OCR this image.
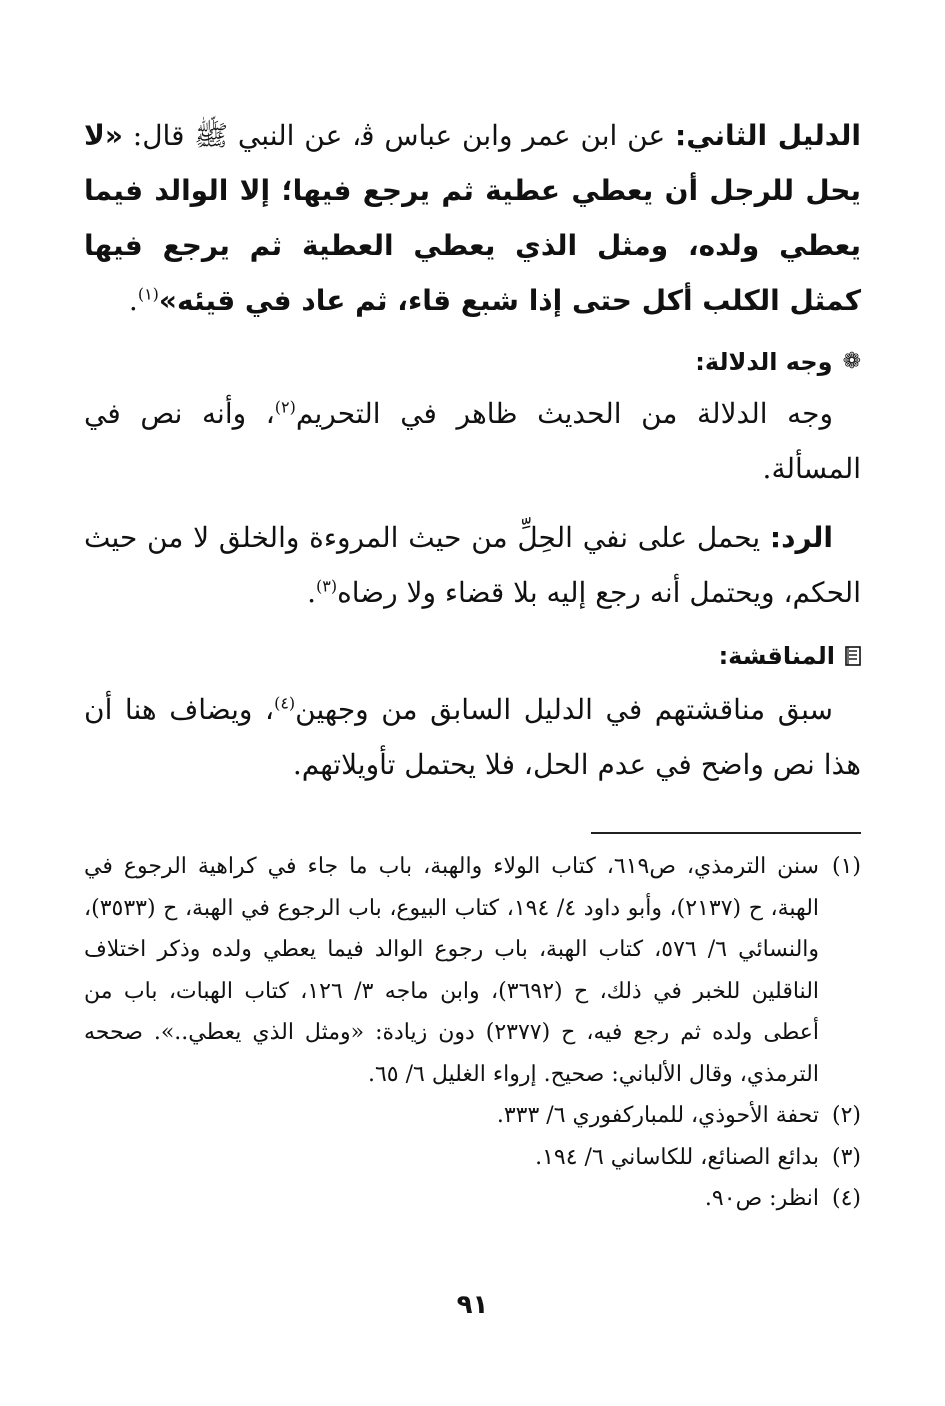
الدليل الثاني: عن ابن عمر وابن عباس ﭬ، عن النبي ﷺ قال: «لا يحل للرجل أن يعطي عطية ثم يرجع فيها؛ إلا الوالد فيما يعطي ولده، ومثل الذي يعطي العطية ثم يرجع فيها كمثل الكلب أكل حتى إذا شبع قاء، ثم عاد في قيئه»$^{(١)}$.

❁
وجه الدلالة:

وجه الدلالة من الحديث ظاهر في التحريم$^{(٢)}$، وأنه نص في المسألة.

الرد: يحمل على نفي الحِلِّ من حيث المروءة والخلق لا من حيث الحكم، ويحتمل أنه رجع إليه بلا قضاء ولا رضاه$^{(٣)}$.

المناقشة:

سبق مناقشتهم في الدليل السابق من وجهين$^{(٤)}$، ويضاف هنا أن هذا نص واضح في عدم الحل، فلا يحتمل تأويلاتهم.

(١)
سنن الترمذي، ص٦١٩، كتاب الولاء والهبة، باب ما جاء في كراهية الرجوع في الهبة، ح (٢١٣٧)، وأبو داود ٤/ ١٩٤، كتاب البيوع، باب الرجوع في الهبة، ح (٣٥٣٣)، والنسائي ٦/ ٥٧٦، كتاب الهبة، باب رجوع الوالد فيما يعطي ولده وذكر اختلاف الناقلين للخبر في ذلك، ح (٣٦٩٢)، وابن ماجه ٣/ ١٢٦، كتاب الهبات، باب من أعطى ولده ثم رجع فيه، ح (٢٣٧٧) دون زيادة: «ومثل الذي يعطي..». صححه الترمذي، وقال الألباني: صحيح. إرواء الغليل ٦/ ٦٥.
(٢)
تحفة الأحوذي، للمباركفوري ٦/ ٣٣٣.
(٣)
بدائع الصنائع، للكاساني ٦/ ١٩٤.
(٤)
انظر: ص٩٠.
٩١
